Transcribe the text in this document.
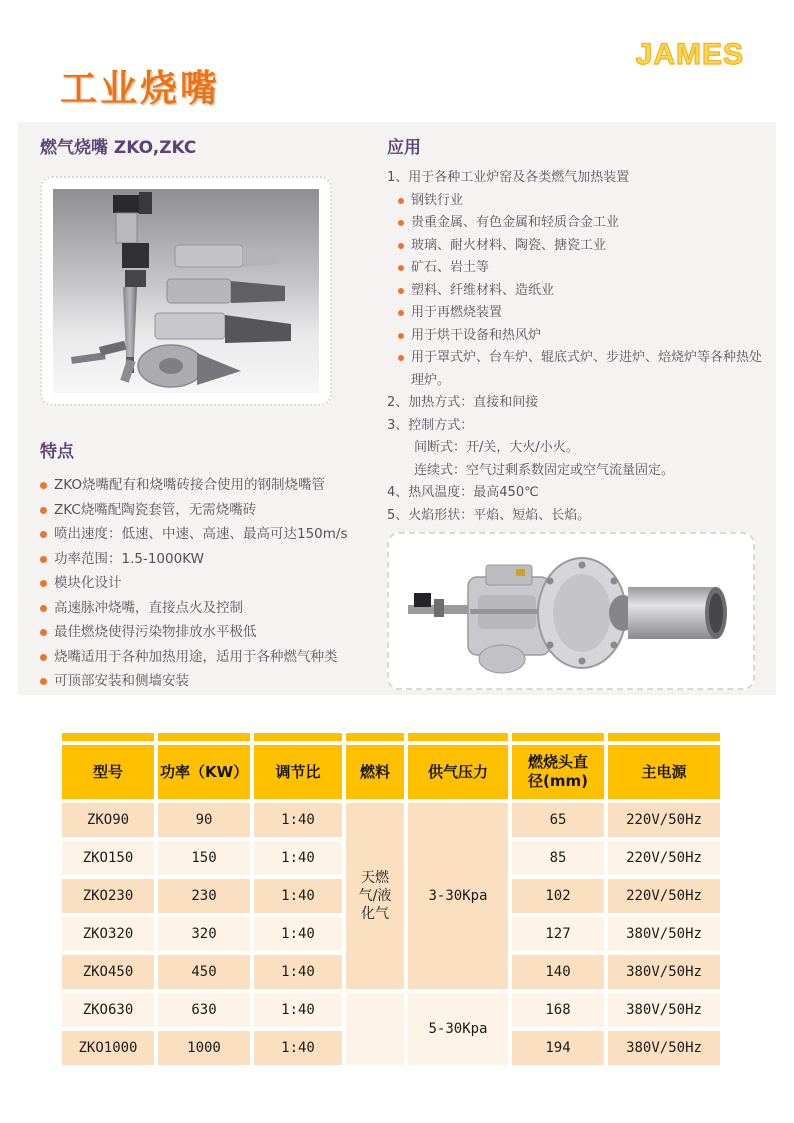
JAMES
工业烧嘴
燃气烧嘴 ZKO,ZKC
特点
ZKO烧嘴配有和烧嘴砖接合使用的钢制烧嘴管
ZKC烧嘴配陶瓷套管，无需烧嘴砖
喷出速度：低速、中速、高速、最高可达150m/s
功率范围：1.5-1000KW
模块化设计
高速脉冲烧嘴，直接点火及控制
最佳燃烧使得污染物排放水平极低
烧嘴适用于各种加热用途，适用于各种燃气种类
可顶部安装和侧墙安装
应用
1、用于各种工业炉窑及各类燃气加热装置
钢铁行业
贵重金属、有色金属和轻质合金工业
玻璃、耐火材料、陶瓷、搪瓷工业
矿石、岩土等
塑料、纤维材料、造纸业
用于再燃烧装置
用于烘干设备和热风炉
用于罩式炉、台车炉、辊底式炉、步进炉、焙烧炉等各种热处理炉。
2、加热方式：直接和间接
3、控制方式：
间断式：开/关，大火/小火。
连续式：空气过剩系数固定或空气流量固定。
4、热风温度：最高450℃
5、火焰形状：平焰、短焰、长焰。

型号	功率（KW）	调节比	燃料	供气压力	燃烧头直径(mm)	主电源
ZKO90	90	1:40	天燃气/液化气	3-30Kpa	65	220V/50Hz
ZKO150	150	1:40			85	220V/50Hz
ZKO230	230	1:40			102	220V/50Hz
ZKO320	320	1:40			127	380V/50Hz
ZKO450	450	1:40			140	380V/50Hz
ZKO630	630	1:40		5-30Kpa	168	380V/50Hz
ZKO1000	1000	1:40			194	380V/50Hz
